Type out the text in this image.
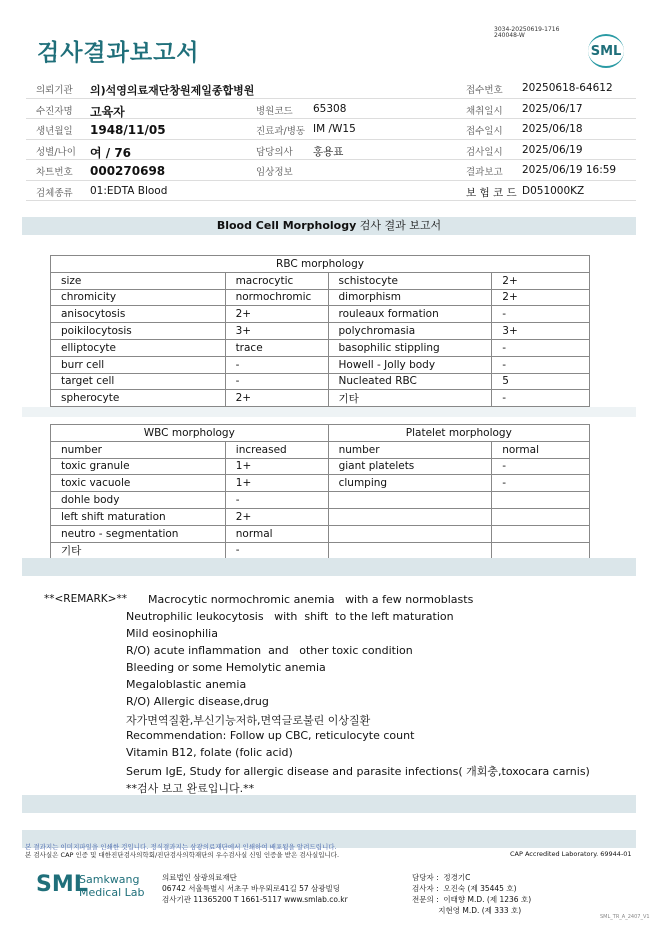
검사결과보고서
3034-20250619-1716
240048-W
SML
의뢰기관 의)석영의료재단창원제일종합병원	접수번호 20250618-64612
수진자명 고육자	병원코드 65308	채취일시 2025/06/17
생년월일 1948/11/05	진료과/병동 IM /W15	접수일시 2025/06/18
성별/나이 여 / 76	담당의사 홍용표	검사일시 2025/06/19
차트번호 000270698	임상정보	결과보고 2025/06/19 16:59
검체종류 01:EDTA Blood	보 험 코 드 D051000KZ
Blood Cell Morphology 검사 결과 보고서
RBC morphology			
size	macrocytic	schistocyte	2+
chromicity	normochromic	dimorphism	2+
anisocytosis	2+	rouleaux formation	-
poikilocytosis	3+	polychromasia	3+
elliptocyte	trace	basophilic stippling	-
burr cell	-	Howell - Jolly body	-
target cell	-	Nucleated RBC	5
spherocyte	2+	기타	-
WBC morphology		Platelet morphology	
number	increased	number	normal
toxic granule	1+	giant platelets	-
toxic vacuole	1+	clumping	-
dohle body	-		
left shift maturation	2+		
neutro - segmentation	normal		
기타	-		
**<REMARK>** Macrocytic normochromic anemia   with a few normoblasts
Neutrophilic leukocytosis   with  shift  to the left maturation
Mild eosinophilia
R/O) acute inflammation  and   other toxic condition
Bleeding or some Hemolytic anemia
Megaloblastic anemia
R/O) Allergic disease,drug
자가면역질환,부신기능저하,면역글로불린 이상질환
Recommendation: Follow up CBC, reticulocyte count
Vitamin B12, folate (folic acid)
Serum IgE, Study for allergic disease and parasite infections( 개회충,toxocara carnis)
**검사 보고 완료입니다.**
본 결과지는 이미지파일을 인쇄한 것입니다. 정식결과지는 삼광의료재단에서 인쇄하여 배포됨을 알려드립니다.
본 검사실은 CAP 인증 및 대한진단검사의학회/진단검사의학재단의 우수검사실 신임 인증을 받은 검사실입니다.	CAP Accredited Laboratory. 69944-01
SML
Samkwang
Medical Lab
의료법인 삼광의료재단
06742 서울특별시 서초구 바우뫼로41길 57 삼광빌딩
검사기관 11365200 T 1661-5117 www.smlab.co.kr
담당자 :  정경기C
검사자 :  오진숙 (제 35445 호)
전문의 :  이태향 M.D. (제 1236 호)
지현영 M.D. (제 333 호)
SML_TR_A_2407_V1
